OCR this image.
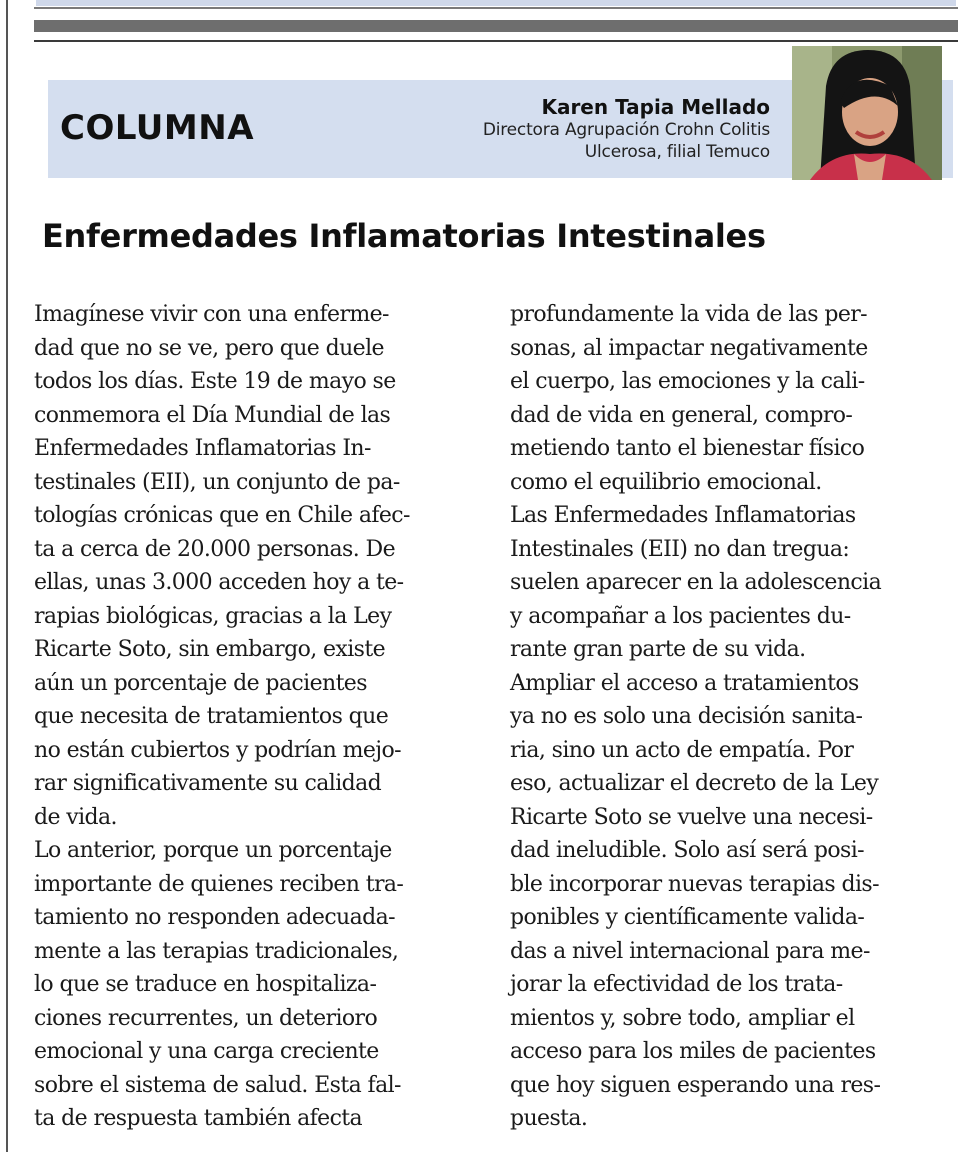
COLUMNA
Karen Tapia Mellado
Directora Agrupación Crohn Colitis
Ulcerosa, filial Temuco
Enfermedades Inflamatorias Intestinales

Imagínese vivir con una enferme-

dad que no se ve, pero que duele

todos los días. Este 19 de mayo se

conmemora el Día Mundial de las

Enfermedades Inflamatorias In-

testinales (EII), un conjunto de pa-

tologías crónicas que en Chile afec-

ta a cerca de 20.000 personas. De

ellas, unas 3.000 acceden hoy a te-

rapias biológicas, gracias a la Ley

Ricarte Soto, sin embargo, existe

aún un porcentaje de pacientes

que necesita de tratamientos que

no están cubiertos y podrían mejo-

rar significativamente su calidad

de vida.

Lo anterior, porque un porcentaje

importante de quienes reciben tra-

tamiento no responden adecuada-

mente a las terapias tradicionales,

lo que se traduce en hospitaliza-

ciones recurrentes, un deterioro

emocional y una carga creciente

sobre el sistema de salud. Esta fal-

ta de respuesta también afecta

profundamente la vida de las per-

sonas, al impactar negativamente

el cuerpo, las emociones y la cali-

dad de vida en general, compro-

metiendo tanto el bienestar físico

como el equilibrio emocional.

Las Enfermedades Inflamatorias

Intestinales (EII) no dan tregua:

suelen aparecer en la adolescencia

y acompañar a los pacientes du-

rante gran parte de su vida.

Ampliar el acceso a tratamientos

ya no es solo una decisión sanita-

ria, sino un acto de empatía. Por

eso, actualizar el decreto de la Ley

Ricarte Soto se vuelve una necesi-

dad ineludible. Solo así será posi-

ble incorporar nuevas terapias dis-

ponibles y científicamente valida-

das a nivel internacional para me-

jorar la efectividad de los trata-

mientos y, sobre todo, ampliar el

acceso para los miles de pacientes

que hoy siguen esperando una res-

puesta.
